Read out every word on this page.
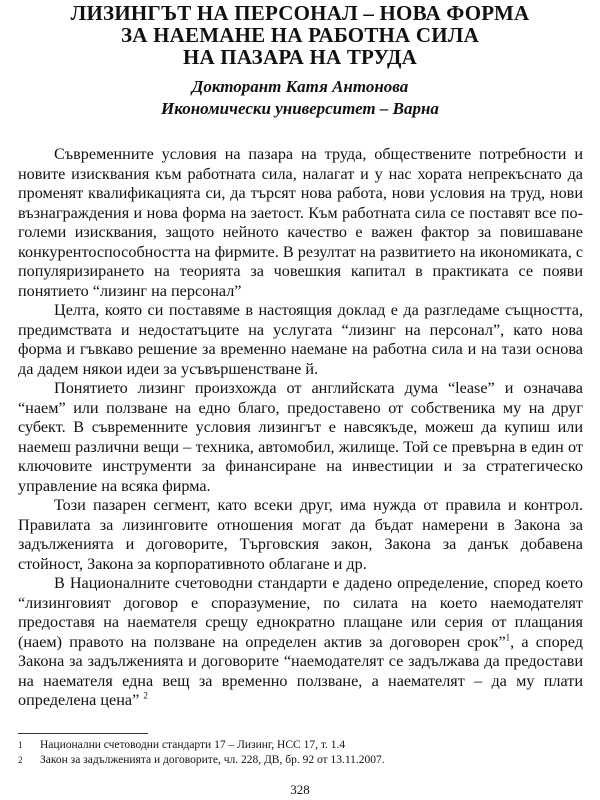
ЛИЗИНГЪТ НА ПЕРСОНАЛ – НОВА ФОРМА
ЗА НАЕМАНЕ НА РАБОТНА СИЛА
НА ПАЗАРА НА ТРУДА
Докторант Катя Антонова
Икономически университет – Варна

Съвременните условия на пазара на труда, обществените потребности и новите изисквания към работната сила, налагат и у нас хората непрекъснато да променят квалификацията си, да търсят нова работа, нови условия на труд, нови възнаграждения и нова форма на заетост. Към работната сила се поставят все по-големи изисквания, защото нейното качество е важен фактор за повишаване конкурентоспособността на фирмите. В резултат на развитието на икономиката, с популяризирането на теорията за човешкия капитал в практиката се появи понятието “лизинг на персонал”

Целта, която си поставяме в настоящия доклад е да разгледаме същността, предимствата и недостатъците на услугата “лизинг на персонал”, като нова форма и гъвкаво решение за временно наемане на работна сила и на тази основа да дадем някои идеи за усъвършенстване й.

Понятието лизинг произхожда от английската дума “lease” и означава “наем” или ползване на едно благо, предоставено от собственика му на друг субект. В съвременните условия лизингът е навсякъде, можеш да купиш или наемеш различни вещи – техника, автомобил, жилище. Той се превърна в един от ключовите инструменти за финансиране на инвестиции и за стратегическо управление на всяка фирма.

Този пазарен сегмент, като всеки друг, има нужда от правила и контрол. Правилата за лизинговите отношения могат да бъдат намерени в Закона за задълженията и договорите, Търговския закон, Закона за данък добавена стойност, Закона за корпоративното облагане и др.

В Националните счетоводни стандарти е дадено определение, според което “лизинговият договор е споразумение, по силата на което наемодателят предоставя на наемателя срещу еднократно плащане или серия от плащания (наем) правото на ползване на определен актив за договорен срок”$^1$, а според Закона за задълженията и договорите “наемодателят се задължава да предостави на наемателя една вещ за временно ползване, а наемателят – да му плати определена цена” $^2$

1 Национални счетоводни стандарти 17 – Лизинг, НСС 17, т. 1.4
2 Закон за задълженията и договорите, чл. 228, ДВ, бр. 92 от 13.11.2007.
328
